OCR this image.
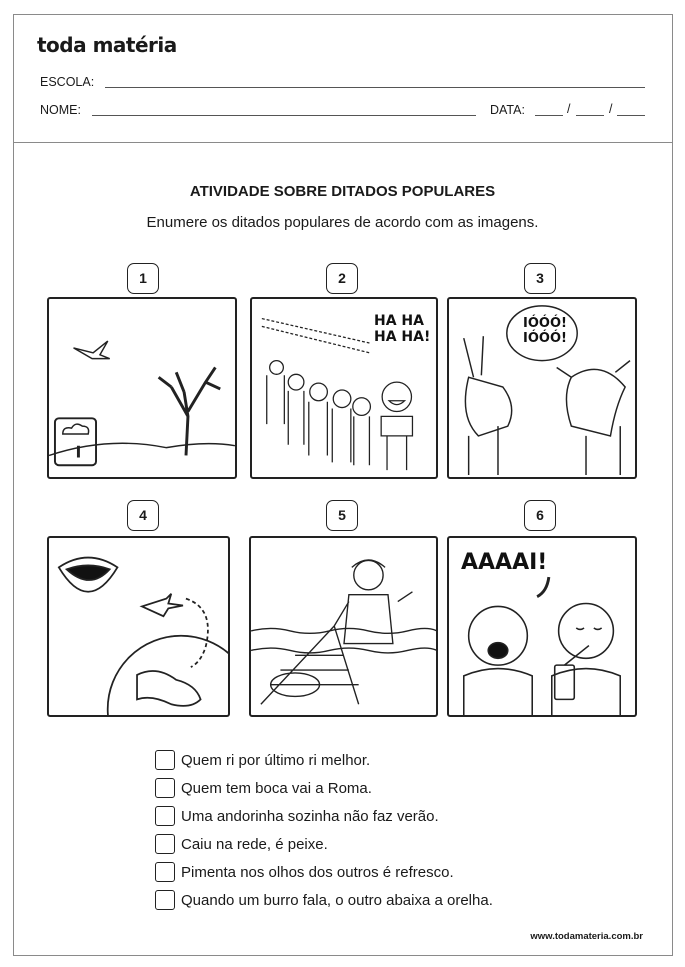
toda matéria
ESCOLA:
NOME:	DATA:	/	/
ATIVIDADE SOBRE DITADOS POPULARES
Enumere os ditados populares de acordo com as imagens.
1	2	3
4	5	6
HA HA HA HA!
IÓÓÓ! IÓÓÓ!
AAAAI!
Quem ri por último ri melhor.
Quem tem boca vai a Roma.
Uma andorinha sozinha não faz verão.
Caiu na rede, é peixe.
Pimenta nos olhos dos outros é refresco.
Quando um burro fala, o outro abaixa a orelha.
www.todamateria.com.br
